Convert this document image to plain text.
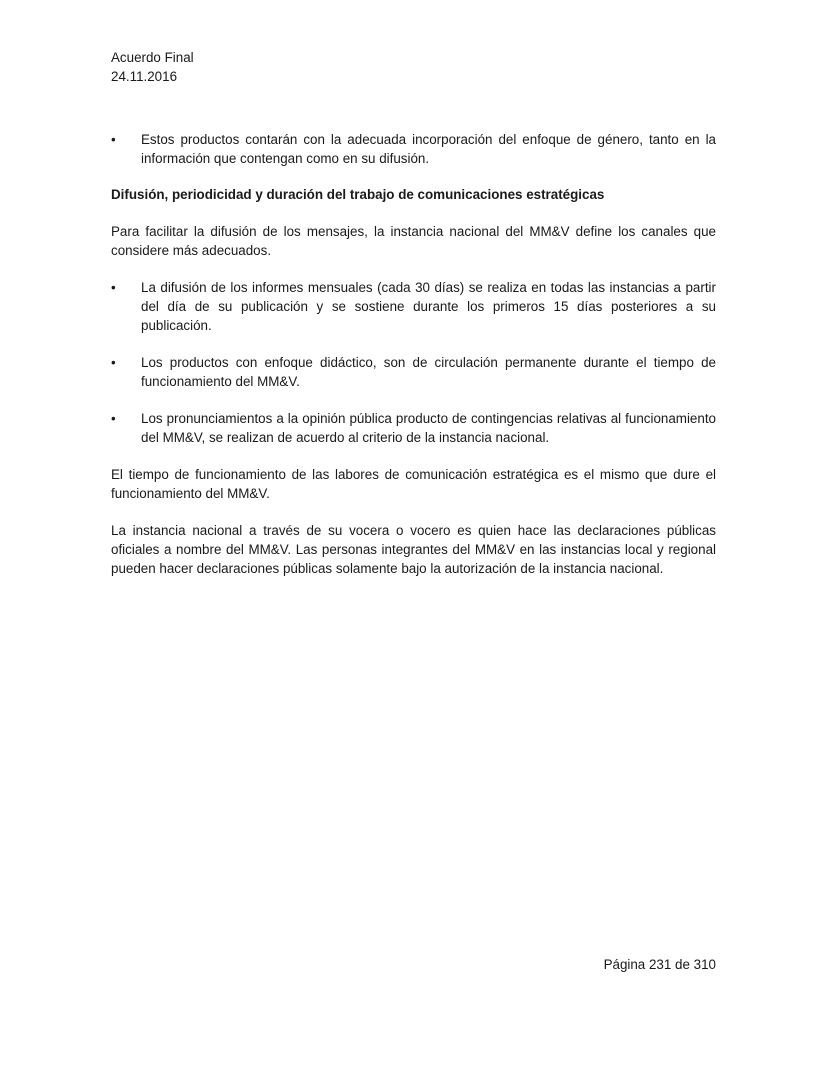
Acuerdo Final
24.11.2016
•	Estos productos contarán con la adecuada incorporación del enfoque de género, tanto en la información que contengan como en su difusión.

Difusión, periodicidad y duración del trabajo de comunicaciones estratégicas

Para facilitar la difusión de los mensajes, la instancia nacional del MM&V define los canales que considere más adecuados.

•	La difusión de los informes mensuales (cada 30 días) se realiza en todas las instancias a partir del día de su publicación y se sostiene durante los primeros 15 días posteriores a su publicación.
•	Los productos con enfoque didáctico, son de circulación permanente durante el tiempo de funcionamiento del MM&V.
•	Los pronunciamientos a la opinión pública producto de contingencias relativas al funcionamiento del MM&V, se realizan de acuerdo al criterio de la instancia nacional.

El tiempo de funcionamiento de las labores de comunicación estratégica es el mismo que dure el funcionamiento del MM&V.

La instancia nacional a través de su vocera o vocero es quien hace las declaraciones públicas oficiales a nombre del MM&V. Las personas integrantes del MM&V en las instancias local y regional pueden hacer declaraciones públicas solamente bajo la autorización de la instancia nacional.

Página 231 de 310
